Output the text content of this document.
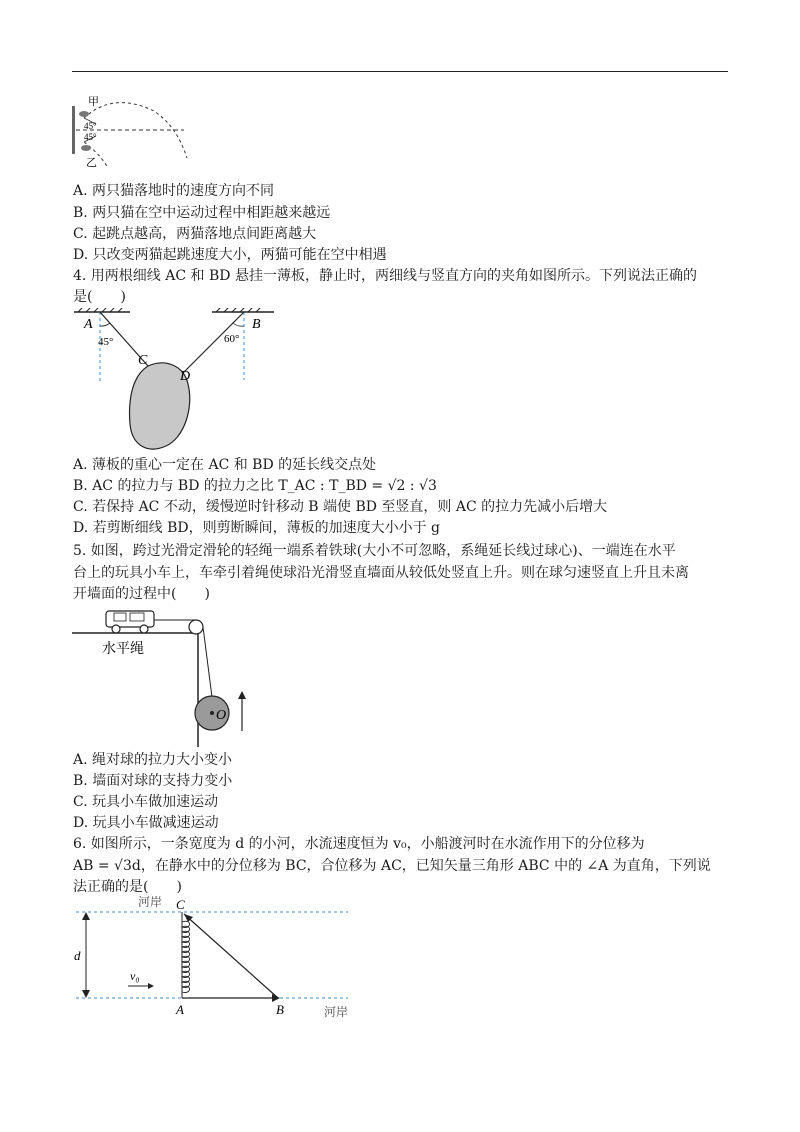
甲
45°
45°
乙
A. 两只猫落地时的速度方向不同
B. 两只猫在空中运动过程中相距越来越远
C. 起跳点越高，两猫落地点间距离越大
D. 只改变两猫起跳速度大小，两猫可能在空中相遇
4. 用两根细线 AC 和 BD 悬挂一薄板，静止时，两细线与竖直方向的夹角如图所示。下列说法正确的
是(　　)
A	B
C
D
45°	60°
A. 薄板的重心一定在 AC 和 BD 的延长线交点处
B. AC 的拉力与 BD 的拉力之比 T_AC : T_BD = √2 : √3
C. 若保持 AC 不动，缓慢逆时针移动 B 端使 BD 至竖直，则 AC 的拉力先减小后增大
D. 若剪断细线 BD，则剪断瞬间，薄板的加速度大小小于 g
5. 如图，跨过光滑定滑轮的轻绳一端系着铁球(大小不可忽略，系绳延长线过球心)、一端连在水平
台上的玩具小车上，车牵引着绳使球沿光滑竖直墙面从较低处竖直上升。则在球匀速竖直上升且未离
开墙面的过程中(　　)
水平绳
O
A. 绳对球的拉力大小变小
B. 墙面对球的支持力变小
C. 玩具小车做加速运动
D. 玩具小车做减速运动
6. 如图所示，一条宽度为 d 的小河，水流速度恒为 v₀，小船渡河时在水流作用下的分位移为
AB = √3d，在静水中的分位移为 BC，合位移为 AC，已知矢量三角形 ABC 中的 ∠A 为直角，下列说
法正确的是(　　)
河岸
河岸
C
A	B
d
v₀
